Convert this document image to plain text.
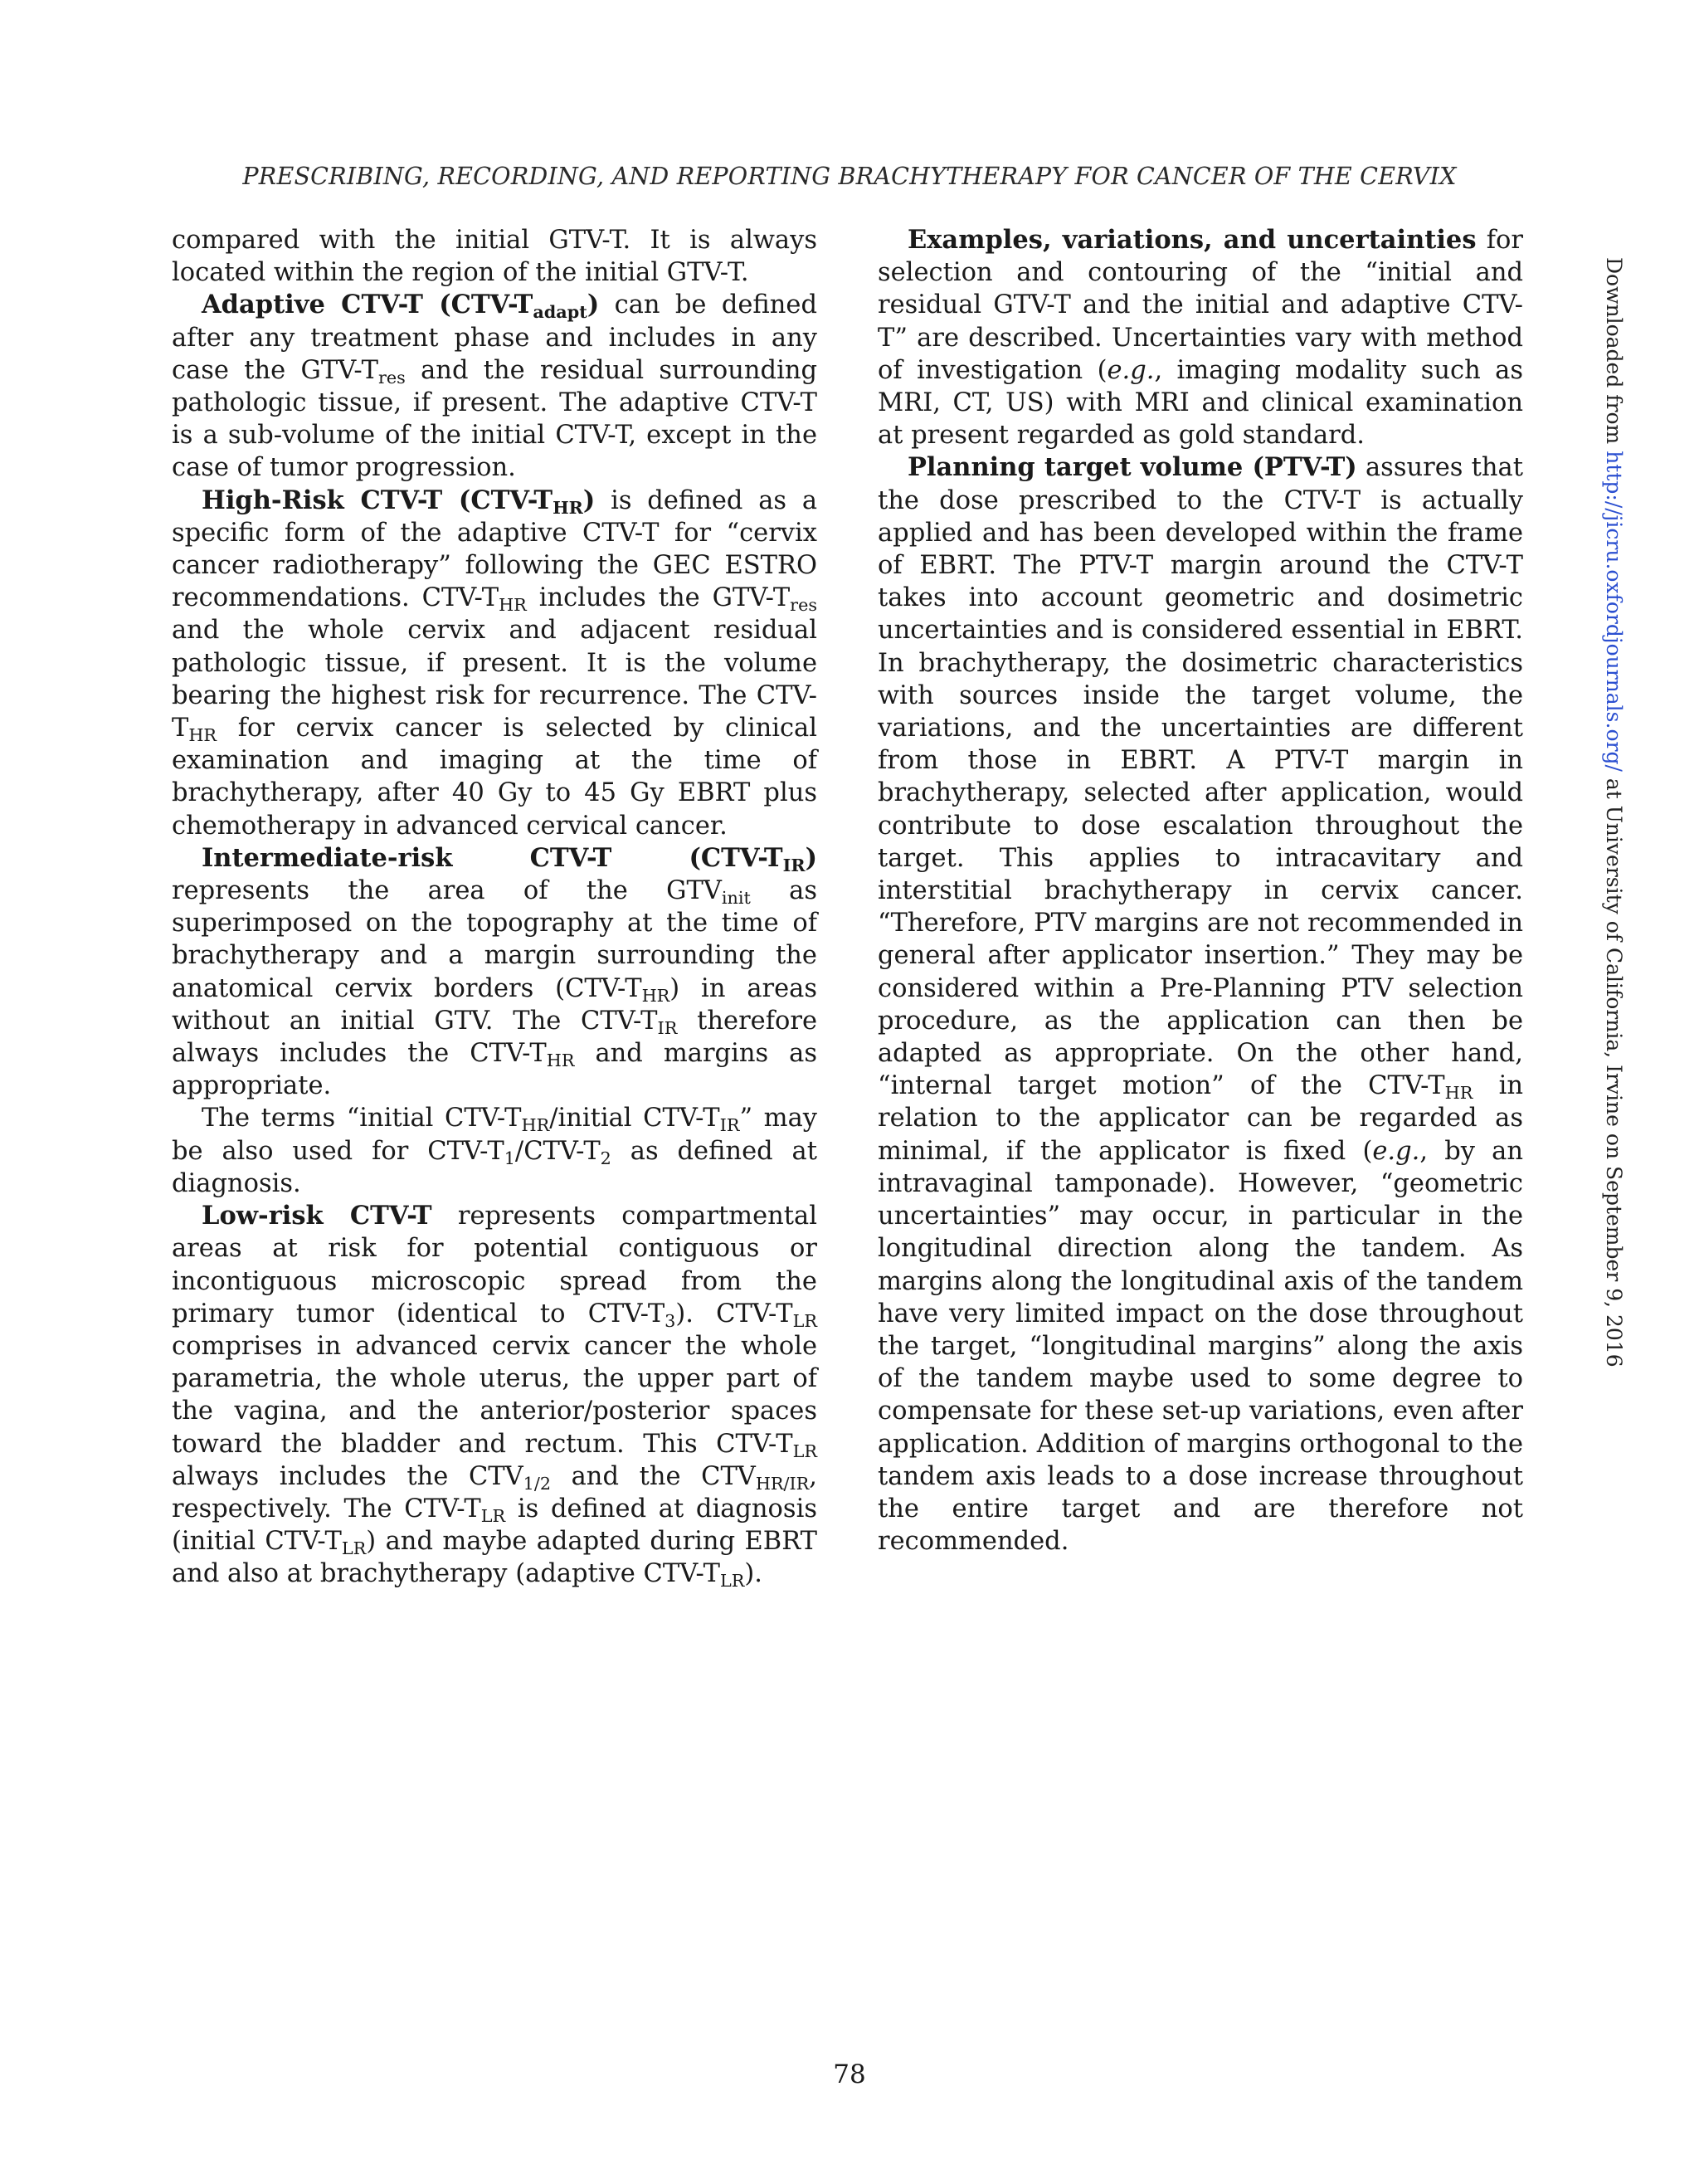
PRESCRIBING, RECORDING, AND REPORTING BRACHYTHERAPY FOR CANCER OF THE CERVIX

compared with the initial GTV-T. It is always located within the region of the initial GTV-T.

Adaptive CTV-T $(CTV-T_{adapt})$ can be defined after any treatment phase and includes in any case the GTV-$T_{res}$ and the residual surrounding pathologic tissue, if present. The adaptive CTV-T is a sub-volume of the initial CTV-T, except in the case of tumor progression.

High-Risk CTV-T $(CTV-T_{HR})$ is defined as a specific form of the adaptive CTV-T for “cervix cancer radiotherapy” following the GEC ESTRO recommendations. CTV-$T_{HR}$ includes the GTV-$T_{res}$ and the whole cervix and adjacent residual pathologic tissue, if present. It is the volume bearing the highest risk for recurrence. The CTV-$T_{HR}$ for cervix cancer is selected by clinical examination and imaging at the time of brachytherapy, after 40 Gy to 45 Gy EBRT plus chemotherapy in advanced cervical cancer.

Intermediate-risk CTV-T $(CTV-T_{IR})$ represents the area of the $GTV_{init}$ as superimposed on the topography at the time of brachytherapy and a margin surrounding the anatomical cervix borders $(CTV-T_{HR})$ in areas without an initial GTV. The CTV-$T_{IR}$ therefore always includes the CTV-$T_{HR}$ and margins as appropriate.

The terms “initial CTV-$T_{HR}$/initial CTV-$T_{IR}$” may be also used for CTV-$T_1/CTV-T_2$ as defined at diagnosis.

Low-risk CTV-T represents compartmental areas at risk for potential contiguous or incontiguous microscopic spread from the primary tumor (identical to CTV-$T_3$). CTV-$T_{LR}$ comprises in advanced cervix cancer the whole parametria, the whole uterus, the upper part of the vagina, and the anterior/posterior spaces toward the bladder and rectum. This CTV-$T_{LR}$ always includes the $CTV_{1/2}$ and the $CTV_{HR/IR}$, respectively. The CTV-$T_{LR}$ is defined at diagnosis (initial CTV-$T_{LR}$) and maybe adapted during EBRT and also at brachytherapy (adaptive CTV-$T_{LR}$).

Examples, variations, and uncertainties for selection and contouring of the “initial and residual GTV-T and the initial and adaptive CTV-T” are described. Uncertainties vary with method of investigation (e.g., imaging modality such as MRI, CT, US) with MRI and clinical examination at present regarded as gold standard.

Planning target volume (PTV-T) assures that the dose prescribed to the CTV-T is actually applied and has been developed within the frame of EBRT. The PTV-T margin around the CTV-T takes into account geometric and dosimetric uncertainties and is considered essential in EBRT. In brachytherapy, the dosimetric characteristics with sources inside the target volume, the variations, and the uncertainties are different from those in EBRT. A PTV-T margin in brachytherapy, selected after application, would contribute to dose escalation throughout the target. This applies to intracavitary and interstitial brachytherapy in cervix cancer. “Therefore, PTV margins are not recommended in general after applicator insertion.” They may be considered within a Pre-Planning PTV selection procedure, as the application can then be adapted as appropriate. On the other hand, “internal target motion” of the CTV-$T_{HR}$ in relation to the applicator can be regarded as minimal, if the applicator is fixed (e.g., by an intravaginal tamponade). However, “geometric uncertainties” may occur, in particular in the longitudinal direction along the tandem. As margins along the longitudinal axis of the tandem have very limited impact on the dose throughout the target, “longitudinal margins” along the axis of the tandem maybe used to some degree to compensate for these set-up variations, even after application. Addition of margins orthogonal to the tandem axis leads to a dose increase throughout the entire target and are therefore not recommended.

78
Downloaded from http://jicru.oxfordjournals.org/ at University of California, Irvine on September 9, 2016
